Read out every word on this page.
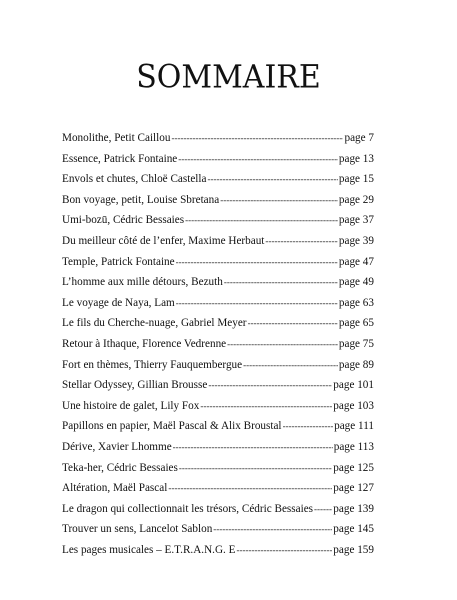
SOMMAIRE
Monolithe, Petit Caillou -----	page 7
Essence, Patrick Fontaine -----	page 13
Envols et chutes, Chloë Castella -----	page 15
Bon voyage, petit, Louise Sbretana -----	page 29
Umi-bozū, Cédric Bessaies -----	page 37
Du meilleur côté de l’enfer, Maxime Herbaut -----	page 39
Temple, Patrick Fontaine -----	page 47
L’homme aux mille détours, Bezuth -----	page 49
Le voyage de Naya, Lam -----	page 63
Le fils du Cherche-nuage, Gabriel Meyer -----	page 65
Retour à Ithaque, Florence Vedrenne -----	page 75
Fort en thèmes, Thierry Fauquembergue -----	page 89
Stellar Odyssey, Gillian Brousse -----	page 101
Une histoire de galet, Lily Fox -----	page 103
Papillons en papier, Maël Pascal & Alix Broustal -----	page 111
Dérive, Xavier Lhomme -----	page 113
Teka-her, Cédric Bessaies -----	page 125
Altération, Maël Pascal -----	page 127
Le dragon qui collectionnait les trésors, Cédric Bessaies ----- page 139
Trouver un sens, Lancelot Sablon -----	page 145
Les pages musicales – E.T.R.A.N.G. E -----	page 159
